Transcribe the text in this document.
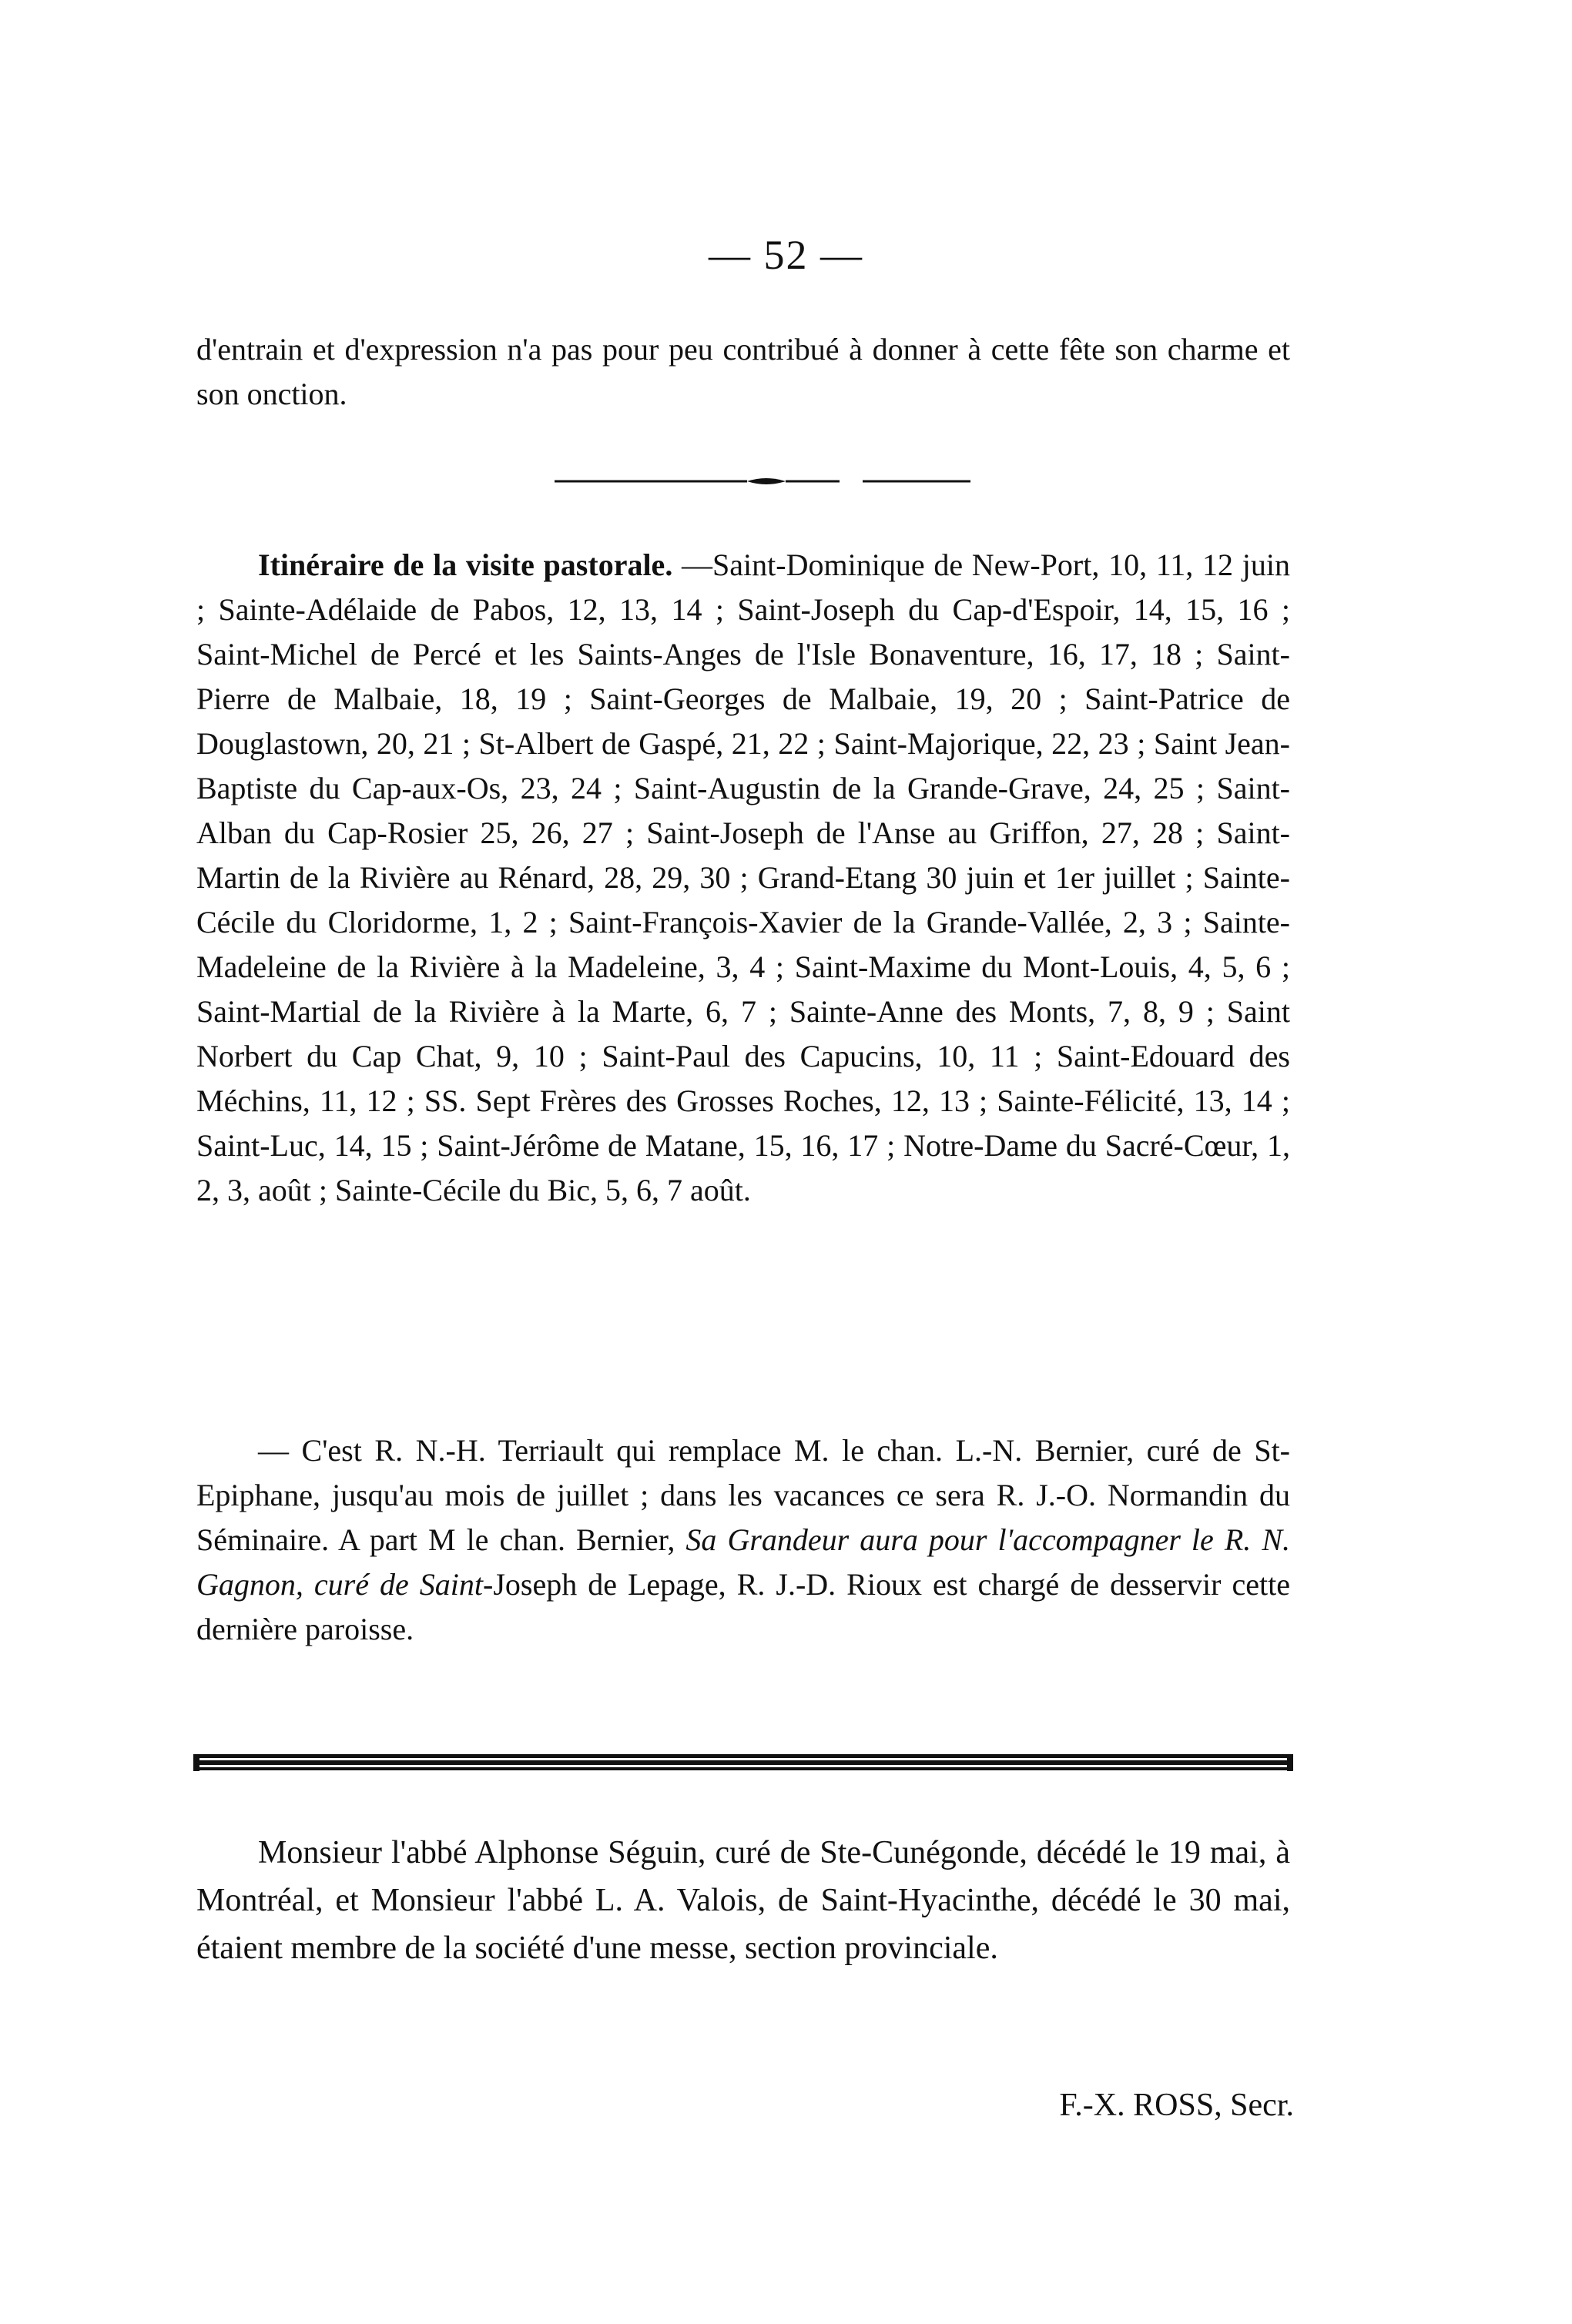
— 52 —

d'entrain et d'expression n'a pas pour peu contribué à donner à cette fête son charme et son onction.

Itinéraire de la visite pastorale. —Saint-Dominique de New-Port, 10, 11, 12 juin ; Sainte-Adélaide de Pabos, 12, 13, 14 ; Saint-Joseph du Cap-d'Espoir, 14, 15, 16 ; Saint-Michel de Percé et les Saints-Anges de l'Isle Bonaventure, 16, 17, 18 ; Saint-Pierre de Malbaie, 18, 19 ; Saint-Georges de Malbaie, 19, 20 ; Saint-Patrice de Douglastown, 20, 21 ; St-Albert de Gaspé, 21, 22 ; Saint-Majorique, 22, 23 ; Saint Jean-Baptiste du Cap-aux-Os, 23, 24 ; Saint-Augustin de la Grande-Grave, 24, 25 ; Saint-Alban du Cap-Rosier 25, 26, 27 ; Saint-Joseph de l'Anse au Griffon, 27, 28 ; Saint-Martin de la Rivière au Rénard, 28, 29, 30 ; Grand-Etang 30 juin et 1er juillet ; Sainte-Cécile du Cloridorme, 1, 2 ; Saint-François-Xavier de la Grande-Vallée, 2, 3 ; Sainte-Madeleine de la Rivière à la Madeleine, 3, 4 ; Saint-Maxime du Mont-Louis, 4, 5, 6 ; Saint-Martial de la Rivière à la Marte, 6, 7 ; Sainte-Anne des Monts, 7, 8, 9 ; Saint Norbert du Cap Chat, 9, 10 ; Saint-Paul des Capucins, 10, 11 ; Saint-Edouard des Méchins, 11, 12 ; SS. Sept Frères des Grosses Roches, 12, 13 ; Sainte-Félicité, 13, 14 ; Saint-Luc, 14, 15 ; Saint-Jérôme de Matane, 15, 16, 17 ; Notre-Dame du Sacré-Cœur, 1, 2, 3, août ; Sainte-Cécile du Bic, 5, 6, 7 août.

— C'est R. N.-H. Terriault qui remplace M. le chan. L.-N. Bernier, curé de St-Epiphane, jusqu'au mois de juillet ; dans les vacances ce sera R. J.-O. Normandin du Séminaire. A part M le chan. Bernier, Sa Grandeur aura pour l'accompagner le R. N. Gagnon, curé de Saint-Joseph de Lepage, R. J.-D. Rioux est chargé de desservir cette dernière paroisse.

Monsieur l'abbé Alphonse Séguin, curé de Ste-Cunégonde, décédé le 19 mai, à Montréal, et Monsieur l'abbé L. A. Valois, de Saint-Hyacinthe, décédé le 30 mai, étaient membre de la société d'une messe, section provinciale.

F.-X. ROSS, Secr.
